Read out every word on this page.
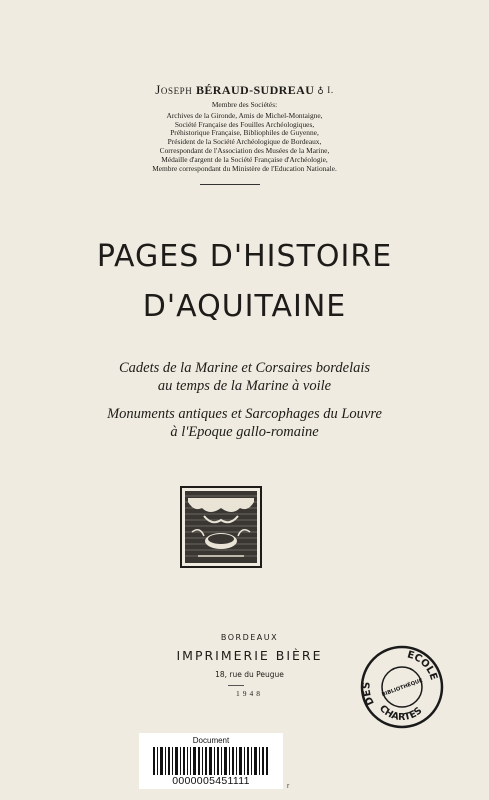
Joseph BÉRAUD-SUDREAU ♁ I.
Membre des Sociétés:
Archives de la Gironde, Amis de Michel-Montaigne,
Société Française des Fouilles Archéologiques,
Préhistorique Française, Bibliophiles de Guyenne,
Président de la Société Archéologique de Bordeaux,
Correspondant de l'Association des Musées de la Marine,
Médaille d'argent de la Société Française d'Archéologie,
Membre correspondant du Ministère de l'Education Nationale.
PAGES D'HISTOIRE
D'AQUITAINE
Cadets de la Marine et Corsaires bordelais
au temps de la Marine à voile
Monuments antiques et Sarcophages du Louvre
à l'Epoque gallo-romaine
BORDEAUX
IMPRIMERIE BIÈRE
18, rue du Peugue
1948
ECOLE
CHARTES
DES	BIBLIOTHÈQUE
Document
0000005451111	r
